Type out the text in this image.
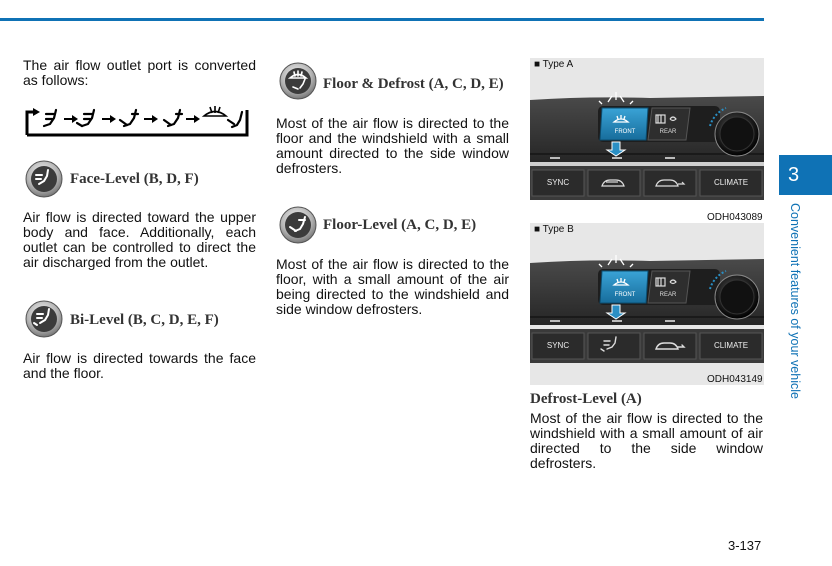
The air flow outlet port is converted as follows:

Face-Level (B, D, F)

Air flow is directed toward the upper body and face. Additionally, each outlet can be controlled to direct the air discharged from the outlet.

Bi-Level (B, C, D, E, F)

Air flow is directed towards the face and the floor.

Floor & Defrost (A, C, D, E)

Most of the air flow is directed to the floor and the windshield with a small amount directed to the side window defrosters.

Floor-Level (A, C, D, E)

Most of the air flow is directed to the floor, with a small amount of the air being directed to the windshield and side window defrosters.

■ Type A
FRONT	REAR
SYNC	CLIMATE
ODH043089
■ Type B
FRONT	REAR
SYNC	CLIMATE
ODH043149
Defrost-Level (A)

Most of the air flow is directed to the windshield with a small amount of air directed to the side window defrosters.

3
Convenient features of your vehicle
3-137
